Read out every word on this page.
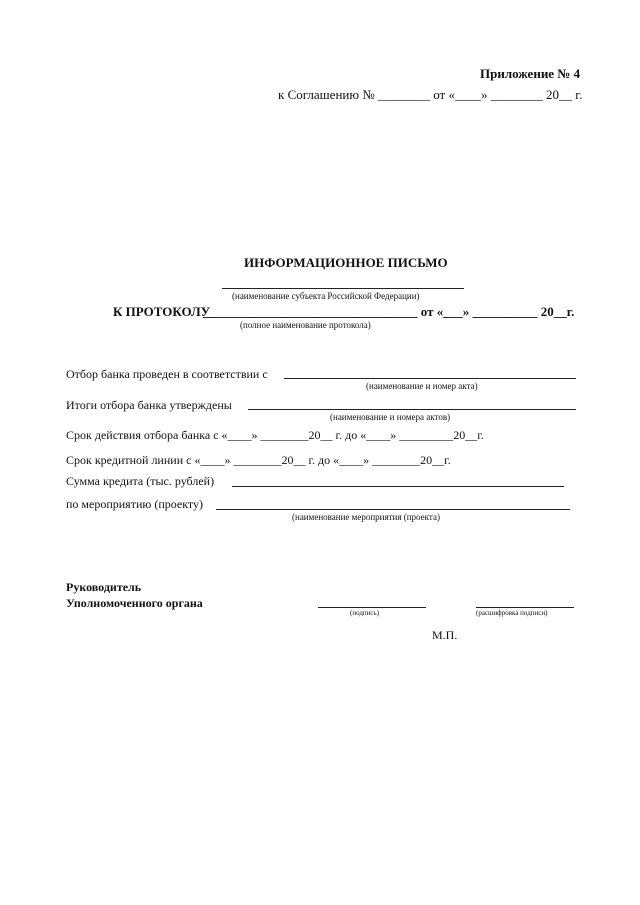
Приложение № 4
к Соглашению № ________ от «____» ________ 20__ г.
ИНФОРМАЦИОННОЕ ПИСЬМО
(наименование субъекта Российской Федерации)
К ПРОТОКОЛУ
_________________________________ от «___» __________ 20__г.
(полное наименование протокола)
Отбор банка проведен в соответствии с
(наименование и номер акта)
Итоги отбора банка утверждены
(наименование и номера актов)
Срок действия отбора банка с «____» ________20__ г. до «____» _________20__г.
Срок кредитной линии с «____» ________20__ г. до «____» ________20__г.
Сумма кредита (тыс. рублей)
по мероприятию (проекту)
(наименование мероприятия (проекта)
Руководитель
Уполномоченного органа
(подпись)	(расшифровка подписи)
М.П.
